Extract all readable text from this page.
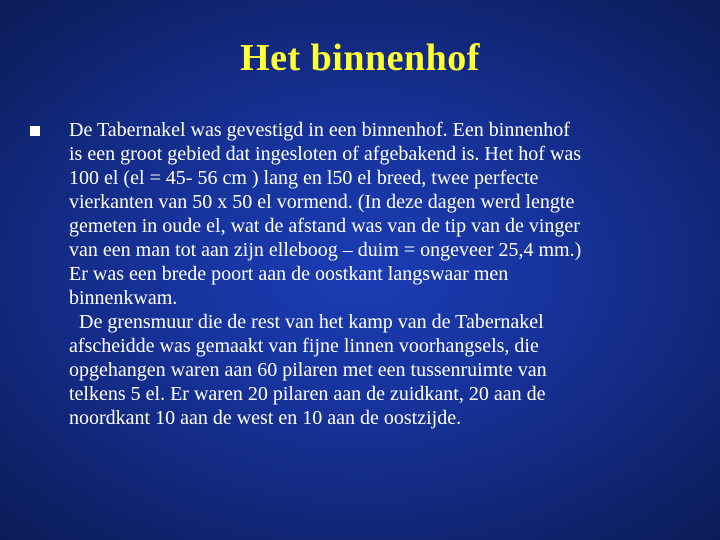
Het binnenhof

De Tabernakel was gevestigd in een binnenhof. Een binnenhof
is een groot gebied dat ingesloten of afgebakend is. Het hof was
100 el (el = 45- 56 cm ) lang en l50 el breed, twee perfecte
vierkanten van 50 x 50 el vormend. (In deze dagen werd lengte
gemeten in oude el, wat de afstand was van de tip van de vinger
van een man tot aan zijn elleboog – duim = ongeveer 25,4 mm.)
Er was een brede poort aan de oostkant langswaar men
binnenkwam.
De grensmuur die de rest van het kamp van de Tabernakel
afscheidde was gemaakt van fijne linnen voorhangsels, die
opgehangen waren aan 60 pilaren met een tussenruimte van
telkens 5 el. Er waren 20 pilaren aan de zuidkant, 20 aan de
noordkant 10 aan de west en 10 aan de oostzijde.
